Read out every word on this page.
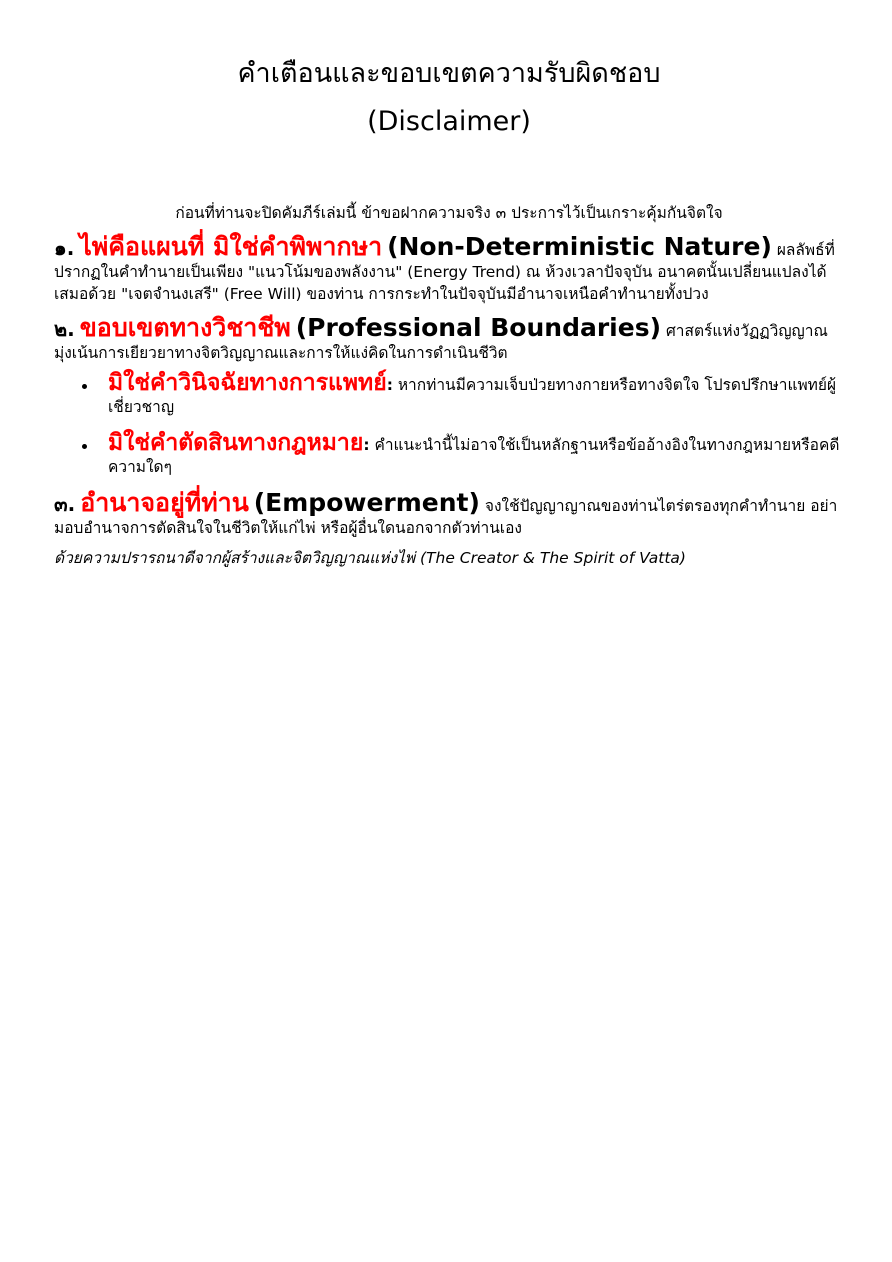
คำเตือนและขอบเขตความรับผิดชอบ
(Disclaimer)

ก่อนที่ท่านจะปิดคัมภีร์เล่มนี้ ข้าขอฝากความจริง ๓ ประการไว้เป็นเกราะคุ้มกันจิตใจ

๑. ไพ่คือแผนที่ มิใช่คำพิพากษา (Non-Deterministic Nature) ผลลัพธ์ที่ปรากฏในคำทำนายเป็นเพียง "แนวโน้มของพลังงาน" (Energy Trend) ณ ห้วงเวลาปัจจุบัน อนาคตนั้นเปลี่ยนแปลงได้เสมอด้วย "เจตจำนงเสรี" (Free Will) ของท่าน การกระทำในปัจจุบันมีอำนาจเหนือคำทำนายทั้งปวง

๒. ขอบเขตทางวิชาชีพ (Professional Boundaries) ศาสตร์แห่งวัฏฏวิญญาณมุ่งเน้นการเยียวยาทางจิตวิญญาณและการให้แง่คิดในการดำเนินชีวิต

มิใช่คำวินิจฉัยทางการแพทย์: หากท่านมีความเจ็บป่วยทางกายหรือทางจิตใจ โปรดปรึกษาแพทย์ผู้เชี่ยวชาญ
มิใช่คำตัดสินทางกฎหมาย: คำแนะนำนี้ไม่อาจใช้เป็นหลักฐานหรือข้ออ้างอิงในทางกฎหมายหรือคดีความใดๆ

๓. อำนาจอยู่ที่ท่าน (Empowerment) จงใช้ปัญญาญาณของท่านไตร่ตรองทุกคำทำนาย อย่ามอบอำนาจการตัดสินใจในชีวิตให้แก่ไพ่ หรือผู้อื่นใดนอกจากตัวท่านเอง

ด้วยความปรารถนาดีจากผู้สร้างและจิตวิญญาณแห่งไพ่ (The Creator & The Spirit of Vatta)
